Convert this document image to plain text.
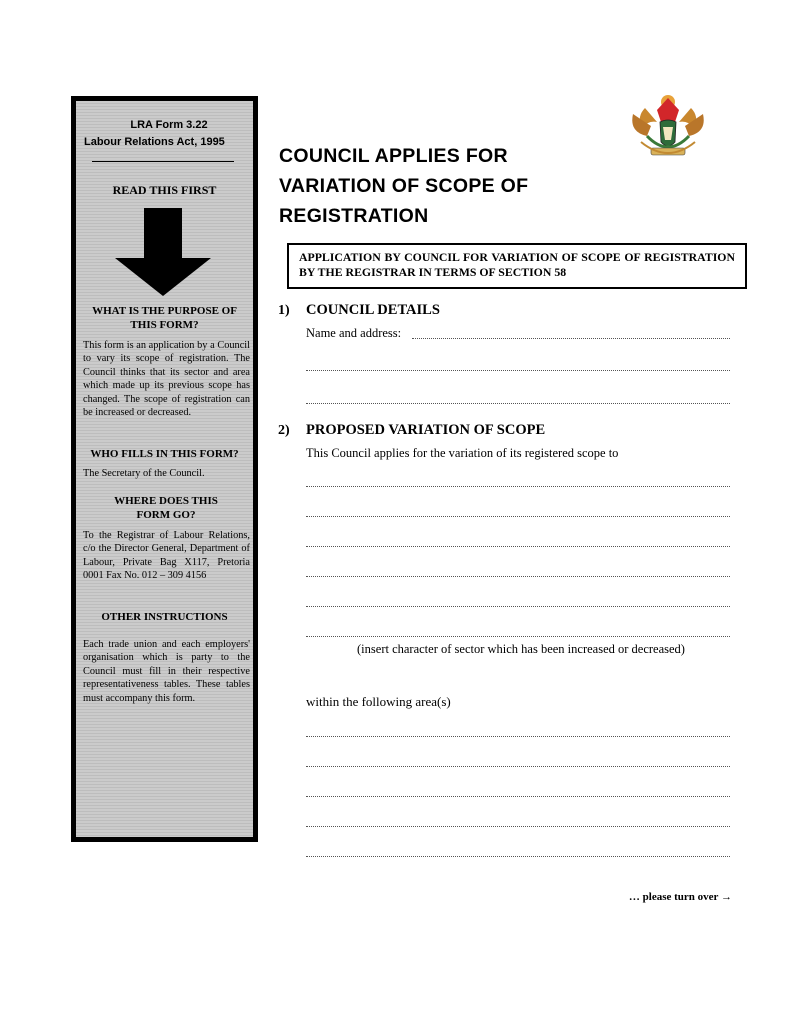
LRA Form 3.22
Labour Relations Act, 1995
READ THIS FIRST
WHAT IS THE PURPOSE OF THIS FORM?
This form is an application by a Council to vary its scope of registration. The Council thinks that its sector and area which made up its previous scope has changed. The scope of registration can be increased or decreased.
WHO FILLS IN THIS FORM?
The Secretary of the Council.
WHERE DOES THIS FORM GO?
To the Registrar of Labour Relations, c/o the Director General, Department of Labour, Private Bag X117, Pretoria 0001 Fax No. 012 – 309 4156
OTHER INSTRUCTIONS
Each trade union and each employers' organisation which is party to the Council must fill in their respective representativeness tables. These tables must accompany this form.
COUNCIL APPLIES FOR VARIATION OF SCOPE OF REGISTRATION
APPLICATION BY COUNCIL FOR VARIATION OF SCOPE OF REGISTRATION BY THE REGISTRAR IN TERMS OF SECTION 58
1) COUNCIL DETAILS
Name and address:
2) PROPOSED VARIATION OF SCOPE
This Council applies for the variation of its registered scope to
(insert character of sector which has been increased or decreased)
within the following area(s)
… please turn over →
